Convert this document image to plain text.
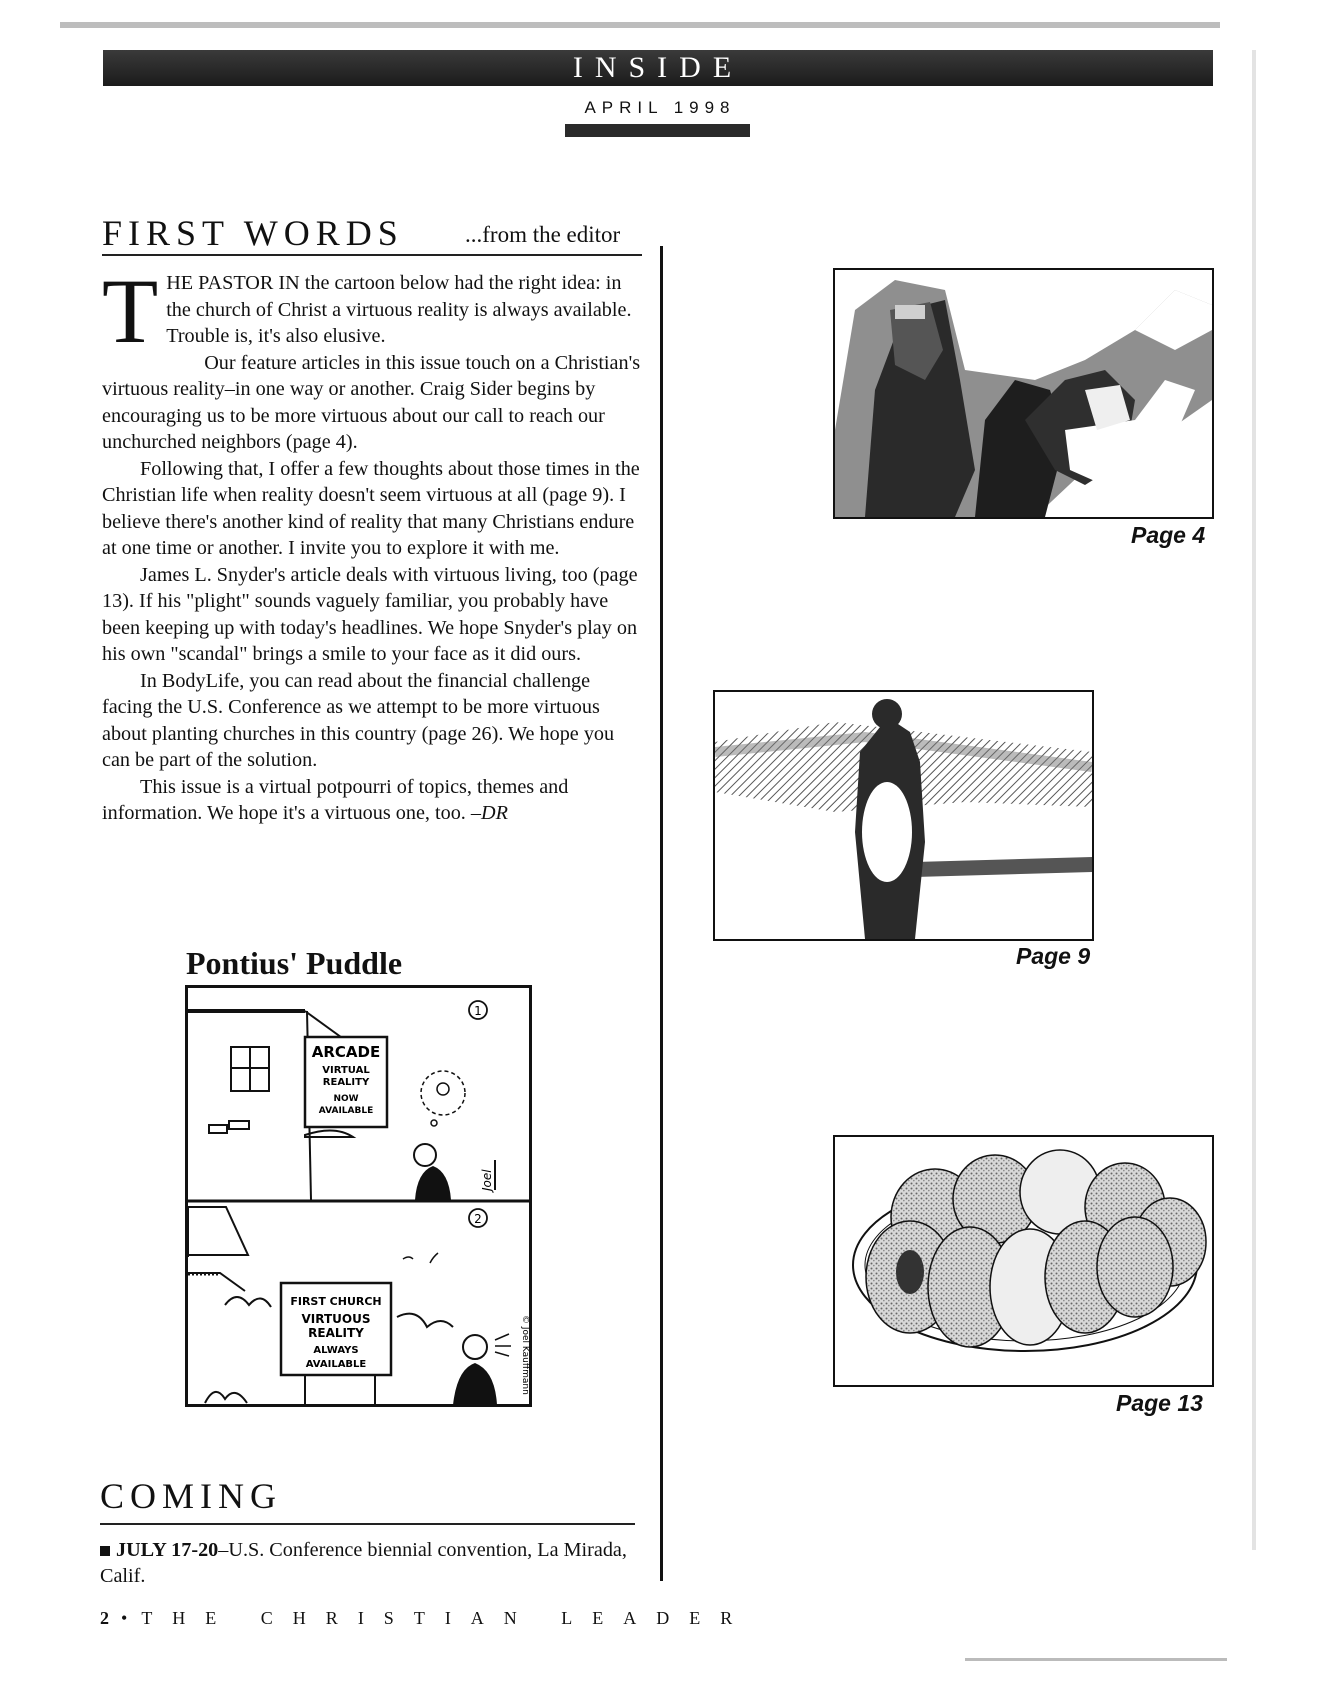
INSIDE
APRIL 1998
FIRST WORDS	...from the editor

THE PASTOR IN the cartoon below had the right idea: in the church of Christ a virtuous reality is always available. Trouble is, it's also elusive.

Our feature articles in this issue touch on a Christian's virtuous reality–in one way or another. Craig Sider begins by encouraging us to be more virtuous about our call to reach our unchurched neighbors (page 4).

Following that, I offer a few thoughts about those times in the Christian life when reality doesn't seem virtuous at all (page 9). I believe there's another kind of reality that many Christians endure at one time or another. I invite you to explore it with me.

James L. Snyder's article deals with virtuous living, too (page 13). If his "plight" sounds vaguely familiar, you probably have been keeping up with today's headlines. We hope Snyder's play on his own "scandal" brings a smile to your face as it did ours.

In BodyLife, you can read about the financial challenge facing the U.S. Conference as we attempt to be more virtuous about planting churches in this country (page 26). We hope you can be part of the solution.

This issue is a virtual potpourri of topics, themes and information. We hope it's a virtuous one, too. –DR

Pontius' Puddle
ARCADE
VIRTUAL
REALITY
NOW
AVAILABLE
1
FIRST CHURCH
VIRTUOUS
REALITY
ALWAYS
AVAILABLE
2
Joel
© Joel Kauffmann
COMING
JULY 17-20–U.S. Conference biennial convention, La Mirada, Calif.
2 • THE CHRISTIAN LEADER
Page 4
Page 9
Page 13
